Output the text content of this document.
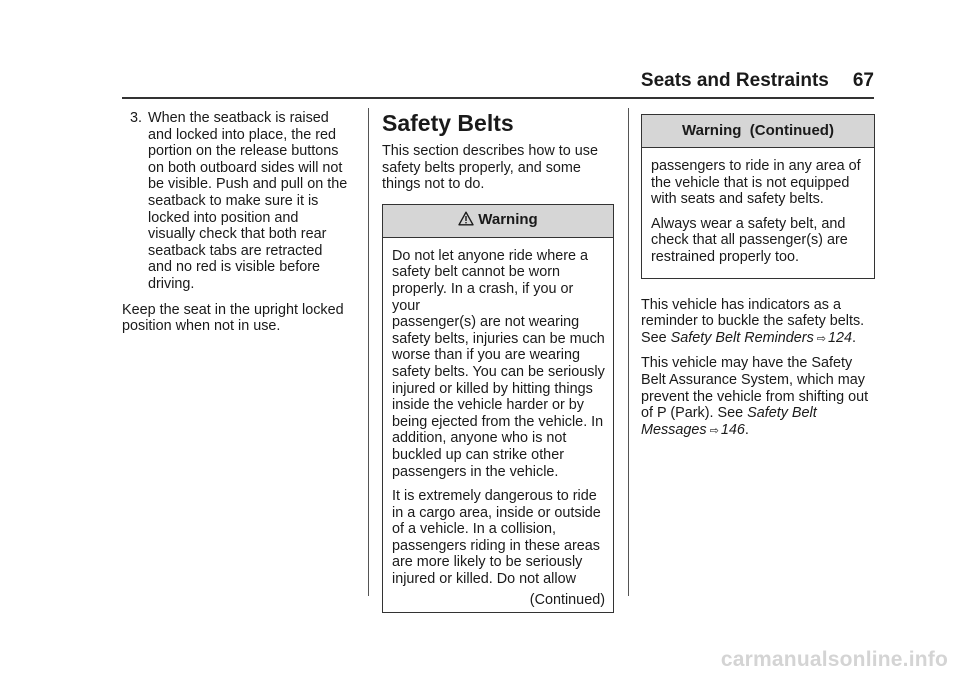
Seats and Restraints 67
3. When the seatback is raised
and locked into place, the red
portion on the release buttons
on both outboard sides will not
be visible. Push and pull on the
seatback to make sure it is
locked into position and
visually check that both rear
seatback tabs are retracted
and no red is visible before
driving.
Keep the seat in the upright locked
position when not in use.
Safety Belts
This section describes how to use
safety belts properly, and some
things not to do.
Warning

Do not let anyone ride where a
safety belt cannot be worn
properly. In a crash, if you or your
passenger(s) are not wearing
safety belts, injuries can be much
worse than if you are wearing
safety belts. You can be seriously
injured or killed by hitting things
inside the vehicle harder or by
being ejected from the vehicle. In
addition, anyone who is not
buckled up can strike other
passengers in the vehicle.

It is extremely dangerous to ride
in a cargo area, inside or outside
of a vehicle. In a collision,
passengers riding in these areas
are more likely to be seriously
injured or killed. Do not allow

(Continued)
Warning  (Continued)

passengers to ride in any area of
the vehicle that is not equipped
with seats and safety belts.

Always wear a safety belt, and
check that all passenger(s) are
restrained properly too.

This vehicle has indicators as a
reminder to buckle the safety belts.
See Safety Belt Reminders ⇨ 124.

This vehicle may have the Safety
Belt Assurance System, which may
prevent the vehicle from shifting out
of P (Park). See Safety Belt
Messages ⇨ 146.

carmanualsonline.info
